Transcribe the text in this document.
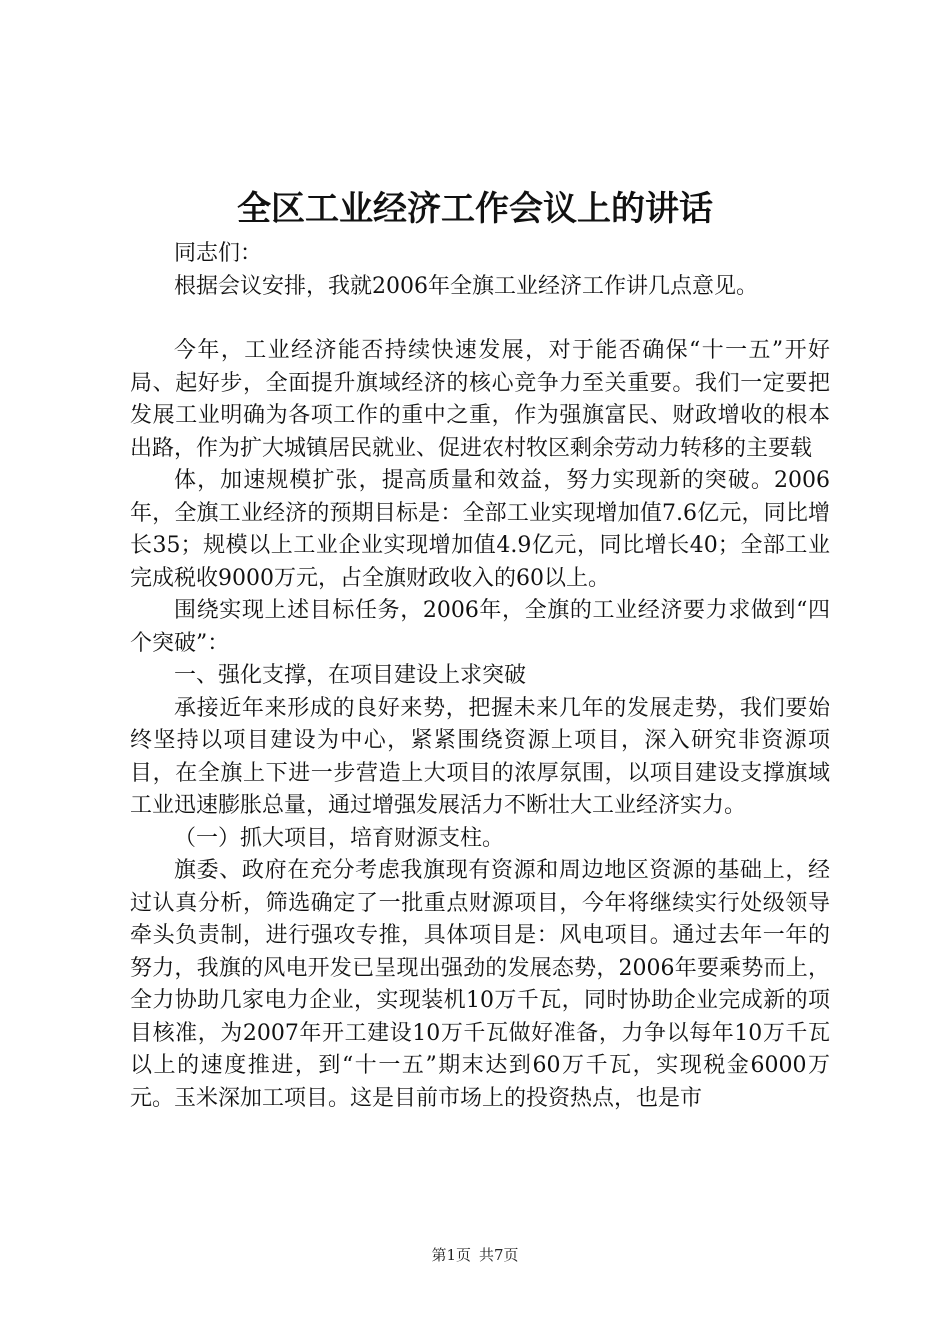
全区工业经济工作会议上的讲话

同志们：

根据会议安排，我就2006年全旗工业经济工作讲几点意见。

今年，工业经济能否持续快速发展，对于能否确保“十一五”开好局、起好步，全面提升旗域经济的核心竞争力至关重要。我们一定要把发展工业明确为各项工作的重中之重，作为强旗富民、财政增收的根本出路，作为扩大城镇居民就业、促进农村牧区剩余劳动力转移的主要载

体，加速规模扩张，提高质量和效益，努力实现新的突破。2006年，全旗工业经济的预期目标是：全部工业实现增加值7.6亿元，同比增长35；规模以上工业企业实现增加值4.9亿元，同比增长40；全部工业完成税收9000万元，占全旗财政收入的60以上。

围绕实现上述目标任务，2006年，全旗的工业经济要力求做到“四个突破”：

一、强化支撑，在项目建设上求突破

承接近年来形成的良好来势，把握未来几年的发展走势，我们要始终坚持以项目建设为中心，紧紧围绕资源上项目，深入研究非资源项目，在全旗上下进一步营造上大项目的浓厚氛围，以项目建设支撑旗域工业迅速膨胀总量，通过增强发展活力不断壮大工业经济实力。

（一）抓大项目，培育财源支柱。

旗委、政府在充分考虑我旗现有资源和周边地区资源的基础上，经过认真分析，筛选确定了一批重点财源项目，今年将继续实行处级领导牵头负责制，进行强攻专推，具体项目是：风电项目。通过去年一年的努力，我旗的风电开发已呈现出强劲的发展态势，2006年要乘势而上，全力协助几家电力企业，实现装机10万千瓦，同时协助企业完成新的项目核准，为2007年开工建设10万千瓦做好准备，力争以每年10万千瓦以上的速度推进，到“十一五”期末达到60万千瓦，实现税金6000万元。玉米深加工项目。这是目前市场上的投资热点，也是市

第1页 共7页
